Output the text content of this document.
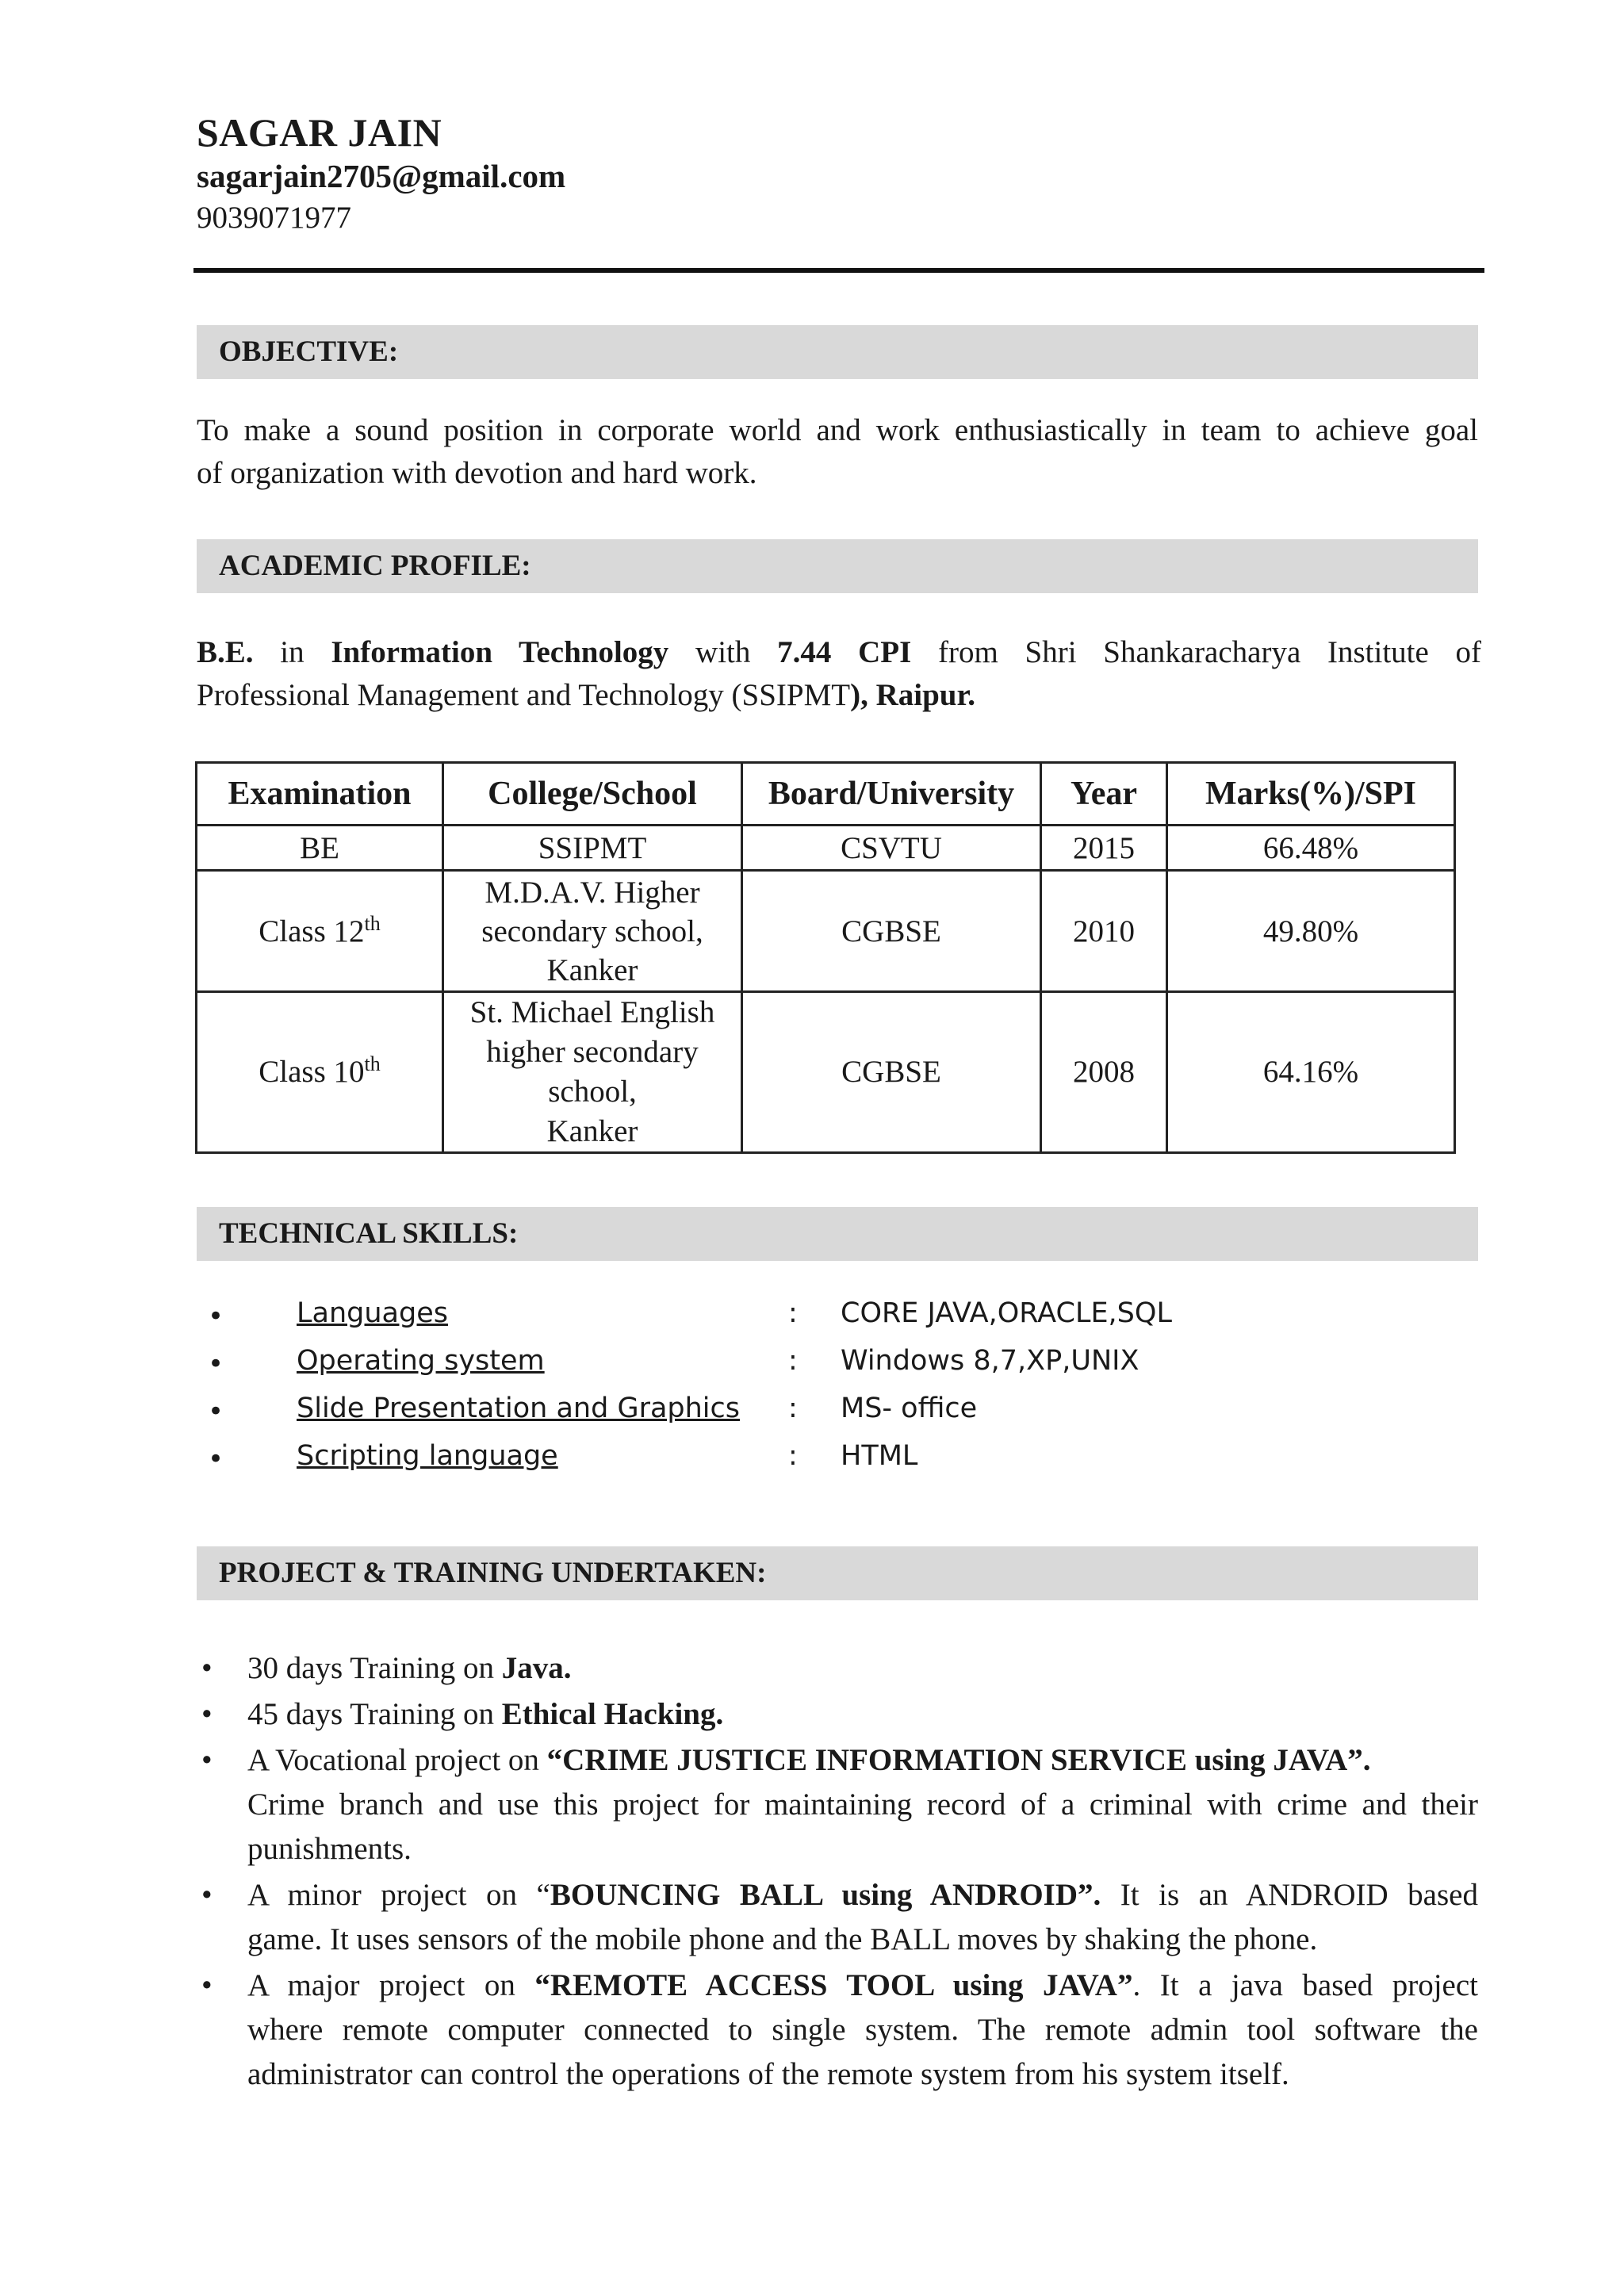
SAGAR JAIN
sagarjain2705@gmail.com
9039071977
OBJECTIVE:
To make a sound position in corporate world and work enthusiastically in team to achieve goal
of organization with devotion and hard work.
ACADEMIC PROFILE:
B.E. in Information Technology with 7.44 CPI from Shri Shankaracharya Institute of
Professional Management and Technology (SSIPMT), Raipur.
Examination	College/School	Board/University	Year	Marks(%)/SPI
BE	SSIPMT	CSVTU	2015	66.48%
Class 12th	M.D.A.V. Higher
secondary school,
Kanker	CGBSE	2010	49.80%
Class 10th	St. Michael English
higher secondary
school,
Kanker	CGBSE	2008	64.16%
TECHNICAL SKILLS:
•	Languages	: CORE JAVA,ORACLE,SQL
•	Operating system	: Windows 8,7,XP,UNIX
•	Slide Presentation and Graphics : MS- office
•	Scripting language	: HTML
PROJECT & TRAINING UNDERTAKEN:
• 30 days Training on Java.
• 45 days Training on Ethical Hacking.
• A Vocational project on “CRIME JUSTICE INFORMATION SERVICE using JAVA”.
Crime branch and use this project for maintaining record of a criminal with crime and their
punishments.
• A minor project on “BOUNCING BALL using ANDROID”. It is an ANDROID based
game. It uses sensors of the mobile phone and the BALL moves by shaking the phone.
• A major project on “REMOTE ACCESS TOOL using JAVA”. It a java based project
where remote computer connected to single system. The remote admin tool software the
administrator can control the operations of the remote system from his system itself.
